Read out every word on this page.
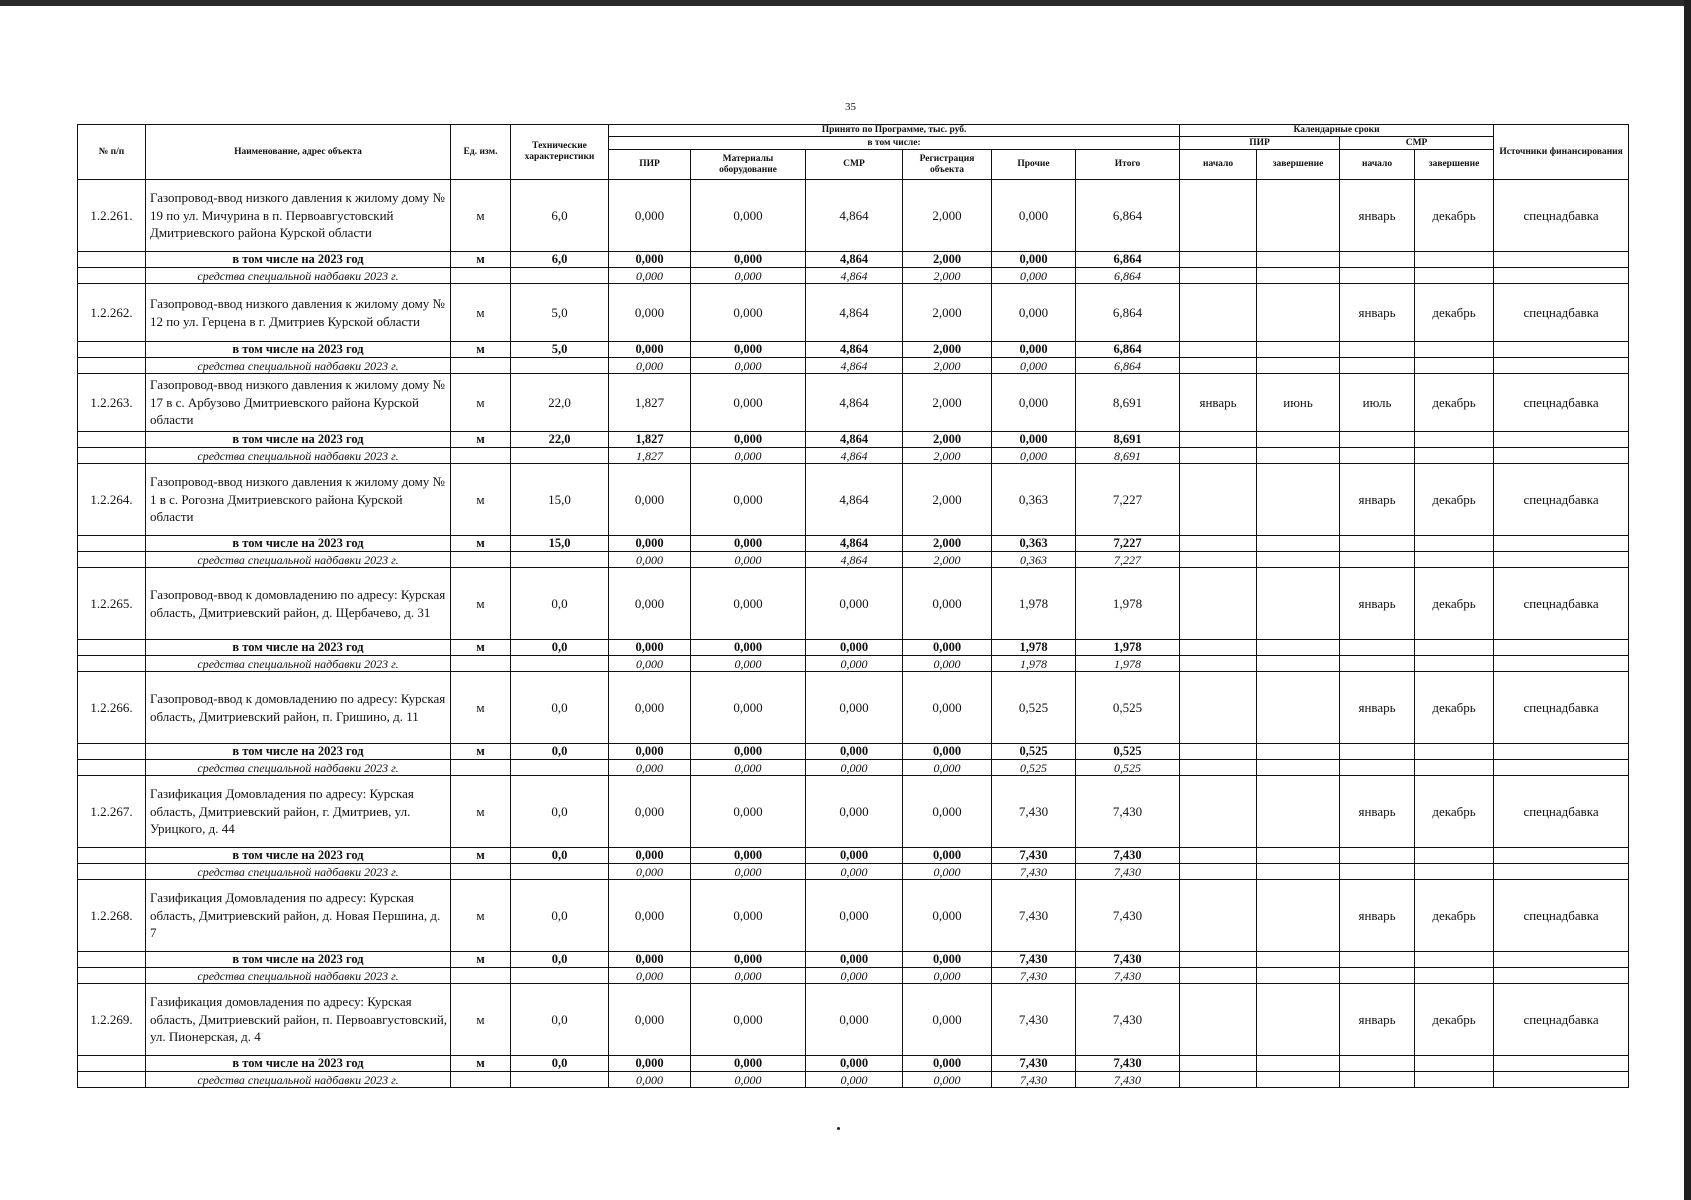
35
№ п/п	Наименование, адрес объекта	Ед. изм.	Технические характеристики	Принято по Программе, тыс. руб.						Календарные сроки				Источники финансирования
				в том числе:						ПИР		СМР		
				ПИР	Материалы оборудование	СМР	Регистрация объекта	Прочие	Итого	начало	завершение	начало	завершение	
1.2.261.	Газопровод-ввод низкого давления к жилому дому № 19 по ул. Мичурина в п. Первоавгустовский Дмитриевского района Курской области	м	6,0	0,000	0,000	4,864	2,000	0,000	6,864			январь	декабрь	спецнадбавка
	в том числе на 2023 год	м	6,0	0,000	0,000	4,864	2,000	0,000	6,864					
	средства специальной надбавки 2023 г.			0,000	0,000	4,864	2,000	0,000	6,864					
1.2.262.	Газопровод-ввод низкого давления к жилому дому № 12 по ул. Герцена в г. Дмитриев Курской области	м	5,0	0,000	0,000	4,864	2,000	0,000	6,864			январь	декабрь	спецнадбавка
	в том числе на 2023 год	м	5,0	0,000	0,000	4,864	2,000	0,000	6,864					
	средства специальной надбавки 2023 г.			0,000	0,000	4,864	2,000	0,000	6,864					
1.2.263.	Газопровод-ввод низкого давления к жилому дому № 17 в с. Арбузово Дмитриевского района Курской области	м	22,0	1,827	0,000	4,864	2,000	0,000	8,691	январь	июнь	июль	декабрь	спецнадбавка
	в том числе на 2023 год	м	22,0	1,827	0,000	4,864	2,000	0,000	8,691					
	средства специальной надбавки 2023 г.			1,827	0,000	4,864	2,000	0,000	8,691					
1.2.264.	Газопровод-ввод низкого давления к жилому дому № 1 в с. Рогозна Дмитриевского района Курской области	м	15,0	0,000	0,000	4,864	2,000	0,363	7,227			январь	декабрь	спецнадбавка
	в том числе на 2023 год	м	15,0	0,000	0,000	4,864	2,000	0,363	7,227					
	средства специальной надбавки 2023 г.			0,000	0,000	4,864	2,000	0,363	7,227					
1.2.265.	Газопровод-ввод к домовладению по адресу: Курская область, Дмитриевский район, д. Щербачево, д. 31	м	0,0	0,000	0,000	0,000	0,000	1,978	1,978			январь	декабрь	спецнадбавка
	в том числе на 2023 год	м	0,0	0,000	0,000	0,000	0,000	1,978	1,978					
	средства специальной надбавки 2023 г.			0,000	0,000	0,000	0,000	1,978	1,978					
1.2.266.	Газопровод-ввод к домовладению по адресу: Курская область, Дмитриевский район, п. Гришино, д. 11	м	0,0	0,000	0,000	0,000	0,000	0,525	0,525			январь	декабрь	спецнадбавка
	в том числе на 2023 год	м	0,0	0,000	0,000	0,000	0,000	0,525	0,525					
	средства специальной надбавки 2023 г.			0,000	0,000	0,000	0,000	0,525	0,525					
1.2.267.	Газификация Домовладения по адресу: Курская область, Дмитриевский район, г. Дмитриев, ул. Урицкого, д. 44	м	0,0	0,000	0,000	0,000	0,000	7,430	7,430			январь	декабрь	спецнадбавка
	в том числе на 2023 год	м	0,0	0,000	0,000	0,000	0,000	7,430	7,430					
	средства специальной надбавки 2023 г.			0,000	0,000	0,000	0,000	7,430	7,430					
1.2.268.	Газификация Домовладения по адресу: Курская область, Дмитриевский район, д. Новая Першина, д. 7	м	0,0	0,000	0,000	0,000	0,000	7,430	7,430			январь	декабрь	спецнадбавка
	в том числе на 2023 год	м	0,0	0,000	0,000	0,000	0,000	7,430	7,430					
	средства специальной надбавки 2023 г.			0,000	0,000	0,000	0,000	7,430	7,430					
1.2.269.	Газификация домовладения по адресу: Курская область, Дмитриевский район, п. Первоавгустовский, ул. Пионерская, д. 4	м	0,0	0,000	0,000	0,000	0,000	7,430	7,430			январь	декабрь	спецнадбавка
	в том числе на 2023 год	м	0,0	0,000	0,000	0,000	0,000	7,430	7,430					
	средства специальной надбавки 2023 г.			0,000	0,000	0,000	0,000	7,430	7,430					
